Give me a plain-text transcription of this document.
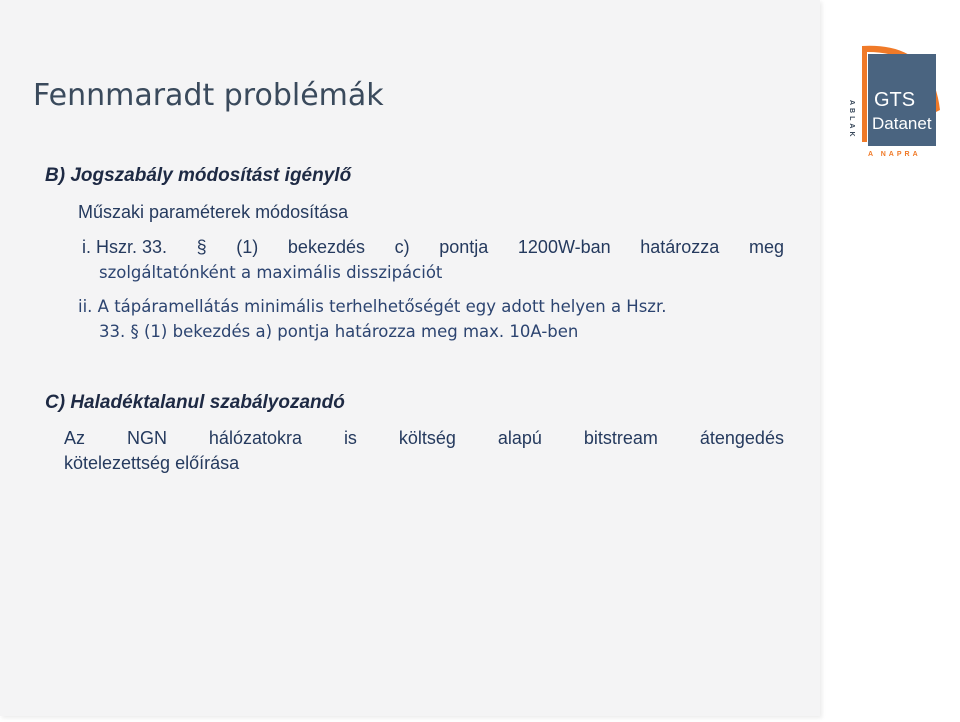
Fennmaradt problémák
B) Jogszabály módosítást igénylő
Műszaki paraméterek módosítása
i. Hszr. 33. § (1) bekezdés c) pontja 1200W-ban határozza meg
szolgáltatónként a maximális disszipációt
ii. A tápáramellátás minimális terhelhetőségét egy adott helyen a Hszr.
33. § (1) bekezdés a) pontja határozza meg max. 10A-ben
C) Haladéktalanul szabályozandó
Az NGN hálózatokra is költség alapú bitstream átengedés
kötelezettség előírása
GTS
Datanet
ABLAK
A NAPRA
